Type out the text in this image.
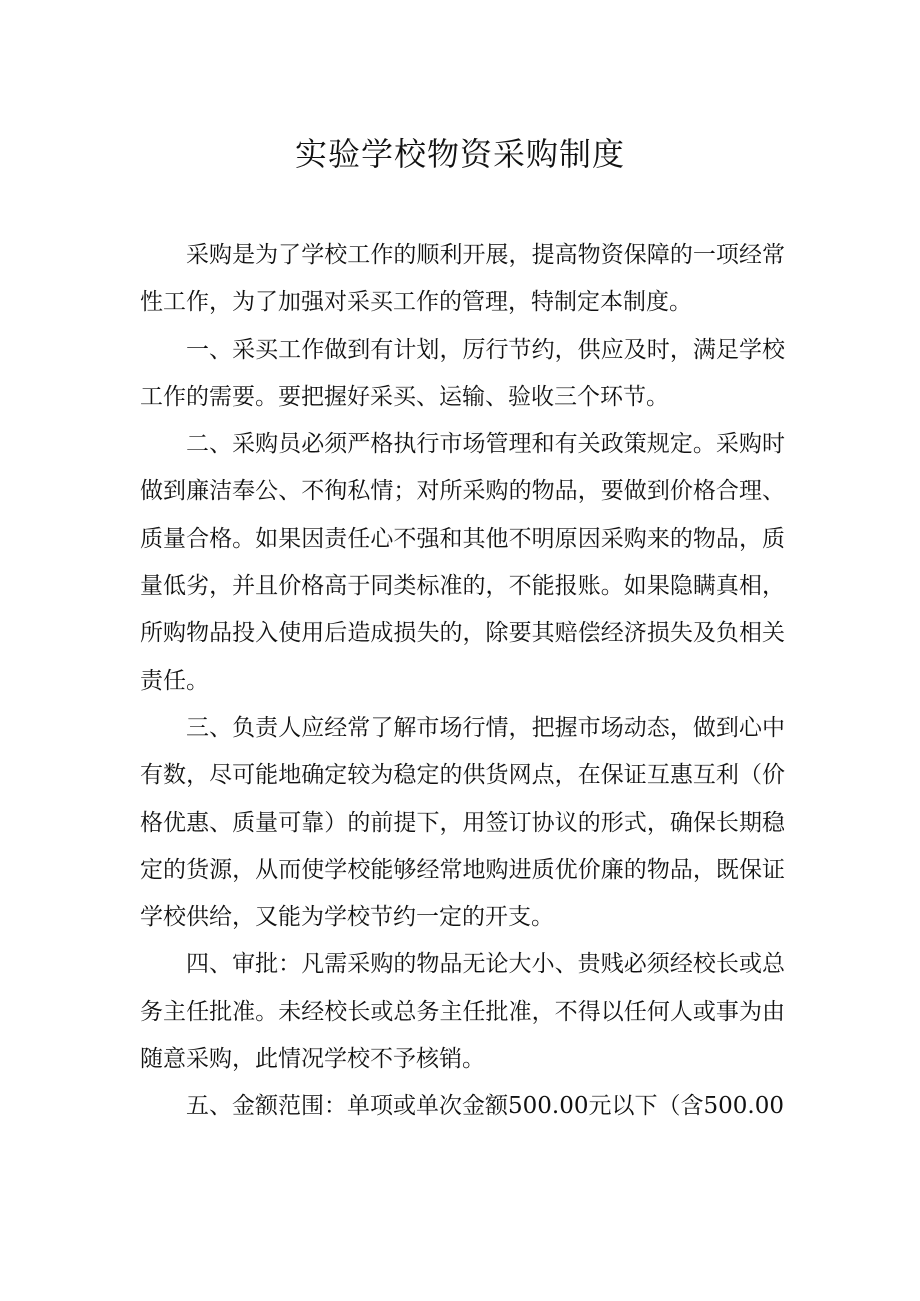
实验学校物资采购制度

采购是为了学校工作的顺利开展，提高物资保障的一项经常性工作，为了加强对采买工作的管理，特制定本制度。

一、采买工作做到有计划，厉行节约，供应及时，满足学校工作的需要。要把握好采买、运输、验收三个环节。

二、采购员必须严格执行市场管理和有关政策规定。采购时做到廉洁奉公、不徇私情；对所采购的物品，要做到价格合理、质量合格。如果因责任心不强和其他不明原因采购来的物品，质量低劣，并且价格高于同类标准的，不能报账。如果隐瞒真相，所购物品投入使用后造成损失的，除要其赔偿经济损失及负相关责任。

三、负责人应经常了解市场行情，把握市场动态，做到心中有数，尽可能地确定较为稳定的供货网点，在保证互惠互利（价格优惠、质量可靠）的前提下，用签订协议的形式，确保长期稳定的货源，从而使学校能够经常地购进质优价廉的物品，既保证学校供给，又能为学校节约一定的开支。

四、审批：凡需采购的物品无论大小、贵贱必须经校长或总务主任批准。未经校长或总务主任批准，不得以任何人或事为由随意采购，此情况学校不予核销。

五、金额范围：单项或单次金额500.00元以下（含500.00
